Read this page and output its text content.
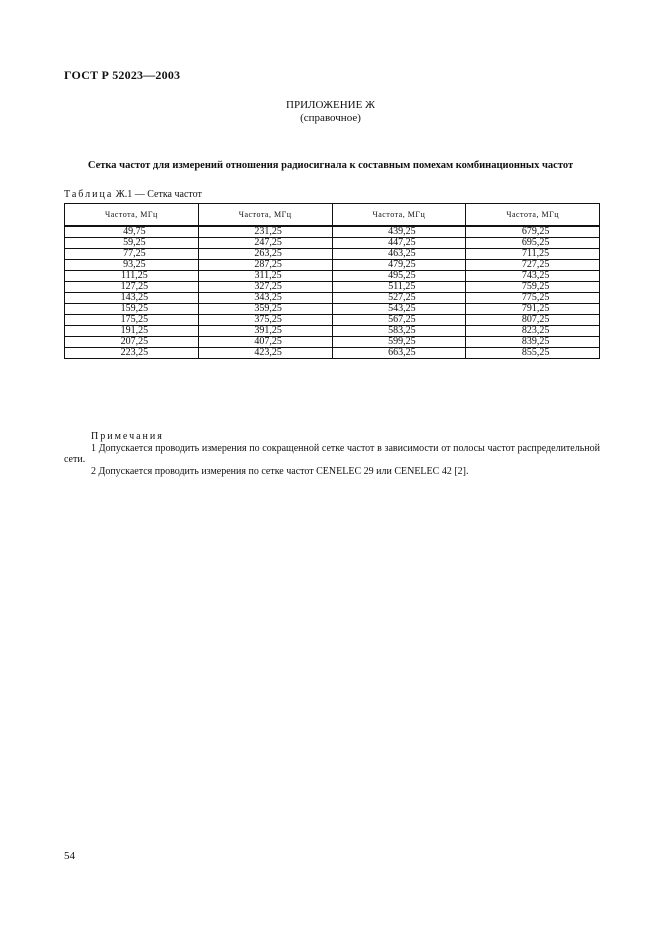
ГОСТ Р 52023—2003
ПРИЛОЖЕНИЕ Ж
(справочное)
Сетка частот для измерений отношения радиосигнала к составным помехам комбинационных частот
Таблица Ж.1 — Сетка частот
Частота, МГц	Частота, МГц	Частота, МГц	Частота, МГц
49,75	231,25	439,25	679,25
59,25	247,25	447,25	695,25
77,25	263,25	463,25	711,25
93,25	287,25	479,25	727,25
111,25	311,25	495,25	743,25
127,25	327,25	511,25	759,25
143,25	343,25	527,25	775,25
159,25	359,25	543,25	791,25
175,25	375,25	567,25	807,25
191,25	391,25	583,25	823,25
207,25	407,25	599,25	839,25
223,25	423,25	663,25	855,25
Примечания
1 Допускается проводить измерения по сокращенной сетке частот в зависимости от полосы частот распределительной сети.
2 Допускается проводить измерения по сетке частот CENELEC 29 или CENELEC 42 [2].
54
